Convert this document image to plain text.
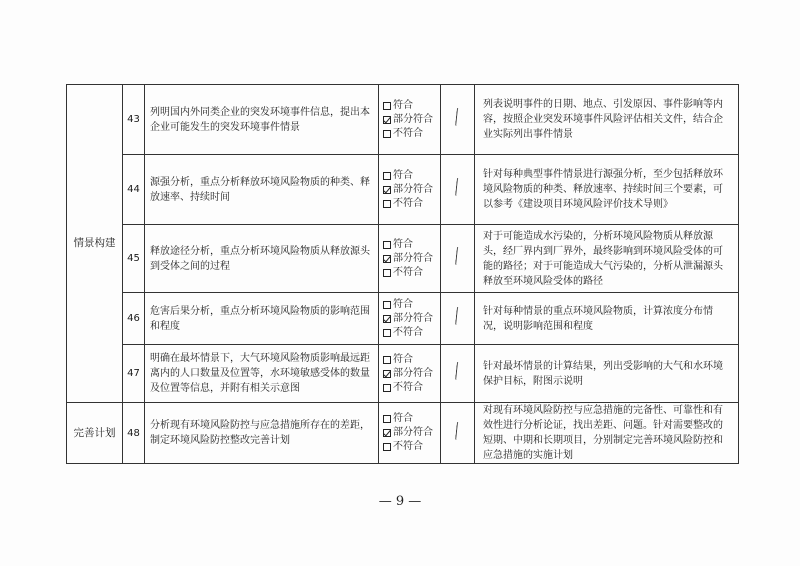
情景构建	43	列明国内外同类企业的突发环境事件信息，提出本企业可能发生的突发环境事件情景	符合
部分符合
不符合		列表说明事件的日期、地点、引发原因、事件影响等内容，按照企业突发环境事件风险评估相关文件，结合企业实际列出事件情景
	44	源强分析，重点分析释放环境风险物质的种类、释放速率、持续时间	符合
部分符合
不符合		针对每种典型事件情景进行源强分析，至少包括释放环境风险物质的种类、释放速率、持续时间三个要素，可以参考《建设项目环境风险评价技术导则》
	45	释放途径分析，重点分析环境风险物质从释放源头到受体之间的过程	符合
部分符合
不符合		对于可能造成水污染的，分析环境风险物质从释放源头，经厂界内到厂界外，最终影响到环境风险受体的可能的路径；对于可能造成大气污染的，分析从泄漏源头释放至环境风险受体的路径
	46	危害后果分析，重点分析环境风险物质的影响范围和程度	符合
部分符合
不符合		针对每种情景的重点环境风险物质，计算浓度分布情况，说明影响范围和程度
	47	明确在最坏情景下，大气环境风险物质影响最远距离内的人口数量及位置等，水环境敏感受体的数量及位置等信息，并附有相关示意图	符合
部分符合
不符合		针对最坏情景的计算结果，列出受影响的大气和水环境保护目标，附图示说明
完善计划	48	分析现有环境风险防控与应急措施所存在的差距，制定环境风险防控整改完善计划	符合
部分符合
不符合		对现有环境风险防控与应急措施的完备性、可靠性和有效性进行分析论证，找出差距、问题。针对需要整改的短期、中期和长期项目，分别制定完善环境风险防控和应急措施的实施计划
— 9 —
